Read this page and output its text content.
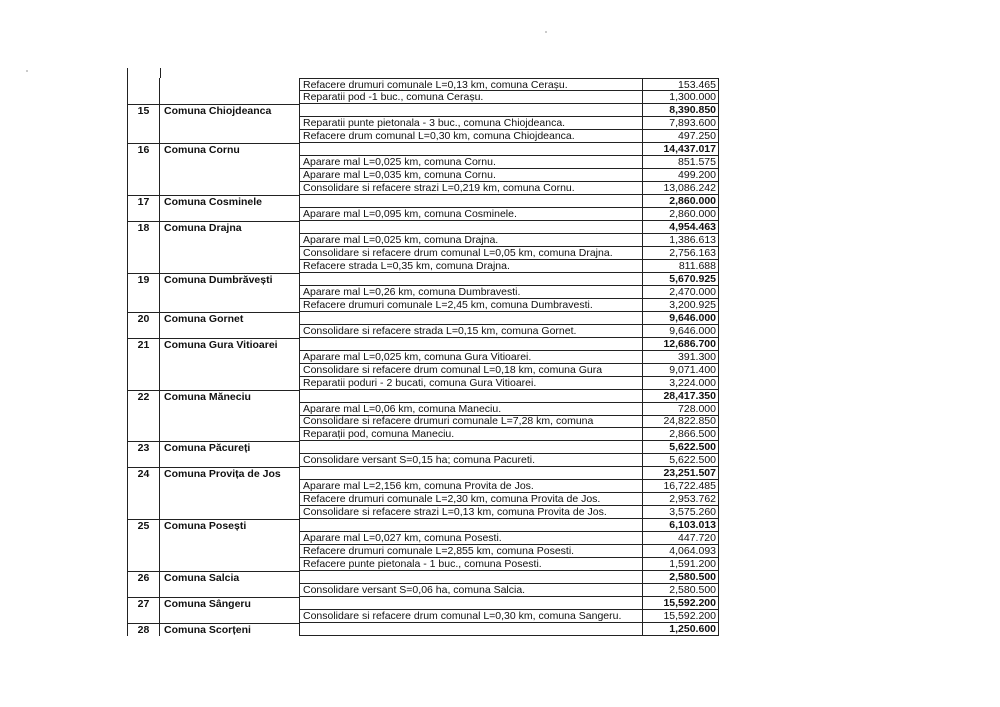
Refacere drumuri comunale L=0,13 km, comuna Cerașu.	153.465
Reparatii pod -1 buc., comuna Cerașu.	1,300.000
15	Comuna Chiojdeanca	8,390.850
Reparatii punte pietonala - 3 buc., comuna Chiojdeanca.	7,893.600
Refacere drum comunal L=0,30 km, comuna Chiojdeanca.	497.250
16	Comuna Cornu	14,437.017
Aparare mal L=0,025 km, comuna Cornu.	851.575
Aparare mal L=0,035 km, comuna Cornu.	499.200
Consolidare si refacere strazi L=0,219 km, comuna Cornu.	13,086.242
17	Comuna Cosminele	2,860.000
Aparare mal L=0,095 km, comuna Cosminele.	2,860.000
18	Comuna Drajna	4,954.463
Aparare mal L=0,025 km, comuna Drajna.	1,386.613
Consolidare si refacere drum comunal L=0,05 km, comuna Drajna.	2,756.163
Refacere strada L=0,35 km, comuna Drajna.	811.688
19	Comuna Dumbrăvești	5,670.925
Aparare mal L=0,26 km, comuna Dumbravesti.	2,470.000
Refacere drumuri comunale L=2,45 km, comuna Dumbravesti.	3,200.925
20	Comuna Gornet	9,646.000
Consolidare si refacere strada L=0,15 km, comuna Gornet.	9,646.000
21	Comuna Gura Vitioarei	12,686.700
Aparare mal L=0,025 km, comuna Gura Vitioarei.	391.300
Consolidare si refacere drum comunal L=0,18 km, comuna Gura	9,071.400
Reparatii poduri - 2 bucati, comuna Gura Vitioarei.	3,224.000
22	Comuna Măneciu	28,417.350
Aparare mal L=0,06 km, comuna Maneciu.	728.000
Consolidare si refacere drumuri comunale L=7,28 km, comuna	24,822.850
Reparații pod, comuna Maneciu.	2,866.500
23	Comuna Păcureți	5,622.500
Consolidare versant S=0,15 ha; comuna Pacureti.	5,622.500
24	Comuna Provița de Jos	23,251.507
Aparare mal L=2,156 km, comuna Provita de Jos.	16,722.485
Refacere drumuri comunale L=2,30 km, comuna Provita de Jos.	2,953.762
Consolidare si refacere strazi L=0,13 km, comuna Provita de Jos.	3,575.260
25	Comuna Posești	6,103.013
Aparare mal L=0,027 km, comuna Posesti.	447.720
Refacere drumuri comunale L=2,855 km, comuna Posesti.	4,064.093
Refacere punte pietonala - 1 buc., comuna Posesti.	1,591.200
26	Comuna Salcia	2,580.500
Consolidare versant S=0,06 ha, comuna Salcia.	2,580.500
27	Comuna Sângeru	15,592.200
Consolidare si refacere drum comunal L=0,30 km, comuna Sangeru.	15,592.200
28	Comuna Scorțeni	1,250.600
